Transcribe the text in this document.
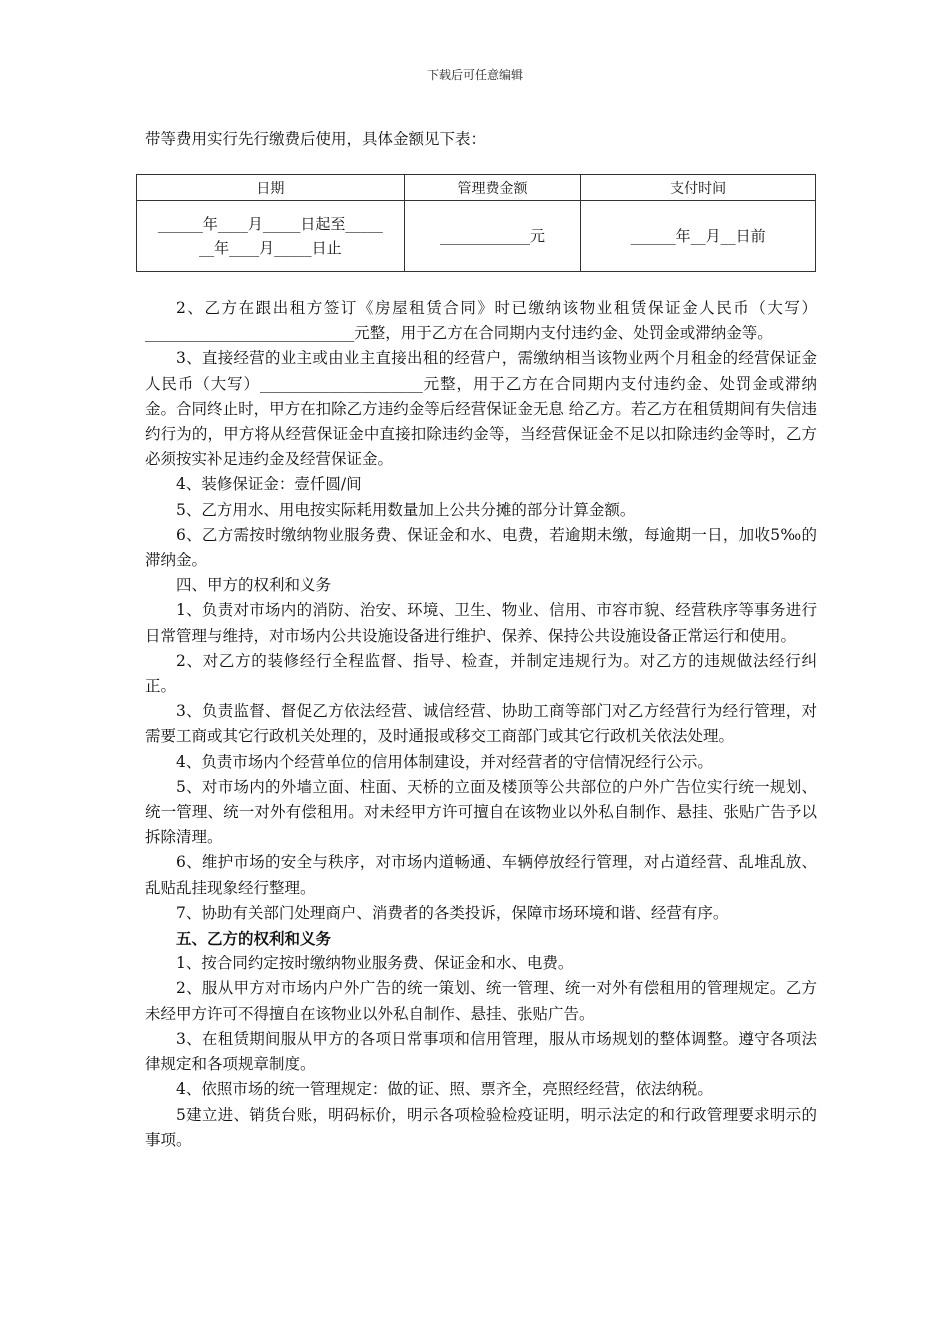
下载后可任意编辑
带等费用实行先行缴费后使用，具体金额见下表：
日期	管理费金额	支付时间

______年____月_____日起至_____
__年____月_____日止	____________元	______年__月__日前

2、乙方在跟出租方签订《房屋租赁合同》时已缴纳该物业租赁保证金人民币（大写）___________________________元整，用于乙方在合同期内支付违约金、处罚金或滞纳金等。

3、直接经营的业主或由业主直接出租的经营户，需缴纳相当该物业两个月租金的经营保证金人民币（大写）_____________________元整，用于乙方在合同期内支付违约金、处罚金或滞纳金。合同终止时，甲方在扣除乙方违约金等后经营保证金无息 给乙方。若乙方在租赁期间有失信违约行为的，甲方将从经营保证金中直接扣除违约金等，当经营保证金不足以扣除违约金等时，乙方必须按实补足违约金及经营保证金。

4、装修保证金：壹仟圆/间

5、乙方用水、用电按实际耗用数量加上公共分摊的部分计算金额。

6、乙方需按时缴纳物业服务费、保证金和水、电费，若逾期未缴，每逾期一日，加收5‰的滞纳金。

四、甲方的权利和义务

1、负责对市场内的消防、治安、环境、卫生、物业、信用、市容市貌、经营秩序等事务进行日常管理与维持，对市场内公共设施设备进行维护、保养、保持公共设施设备正常运行和使用。

2、对乙方的装修经行全程监督、指导、检查，并制定违规行为。对乙方的违规做法经行纠正。

3、负责监督、督促乙方依法经营、诚信经营、协助工商等部门对乙方经营行为经行管理，对需要工商或其它行政机关处理的，及时通报或移交工商部门或其它行政机关依法处理。

4、负责市场内个经营单位的信用体制建设，并对经营者的守信情况经行公示。

5、对市场内的外墙立面、柱面、天桥的立面及楼顶等公共部位的户外广告位实行统一规划、统一管理、统一对外有偿租用。对未经甲方许可擅自在该物业以外私自制作、悬挂、张贴广告予以拆除清理。

6、维护市场的安全与秩序，对市场内道畅通、车辆停放经行管理，对占道经营、乱堆乱放、乱贴乱挂现象经行整理。

7、协助有关部门处理商户、消费者的各类投诉，保障市场环境和谐、经营有序。

五、乙方的权利和义务

1、按合同约定按时缴纳物业服务费、保证金和水、电费。

2、服从甲方对市场内户外广告的统一策划、统一管理、统一对外有偿租用的管理规定。乙方未经甲方许可不得擅自在该物业以外私自制作、悬挂、张贴广告。

3、在租赁期间服从甲方的各项日常事项和信用管理，服从市场规划的整体调整。遵守各项法律规定和各项规章制度。

4、依照市场的统一管理规定：做的证、照、票齐全，亮照经经营，依法纳税。

5建立进、销货台账，明码标价，明示各项检验检疫证明，明示法定的和行政管理要求明示的事项。
